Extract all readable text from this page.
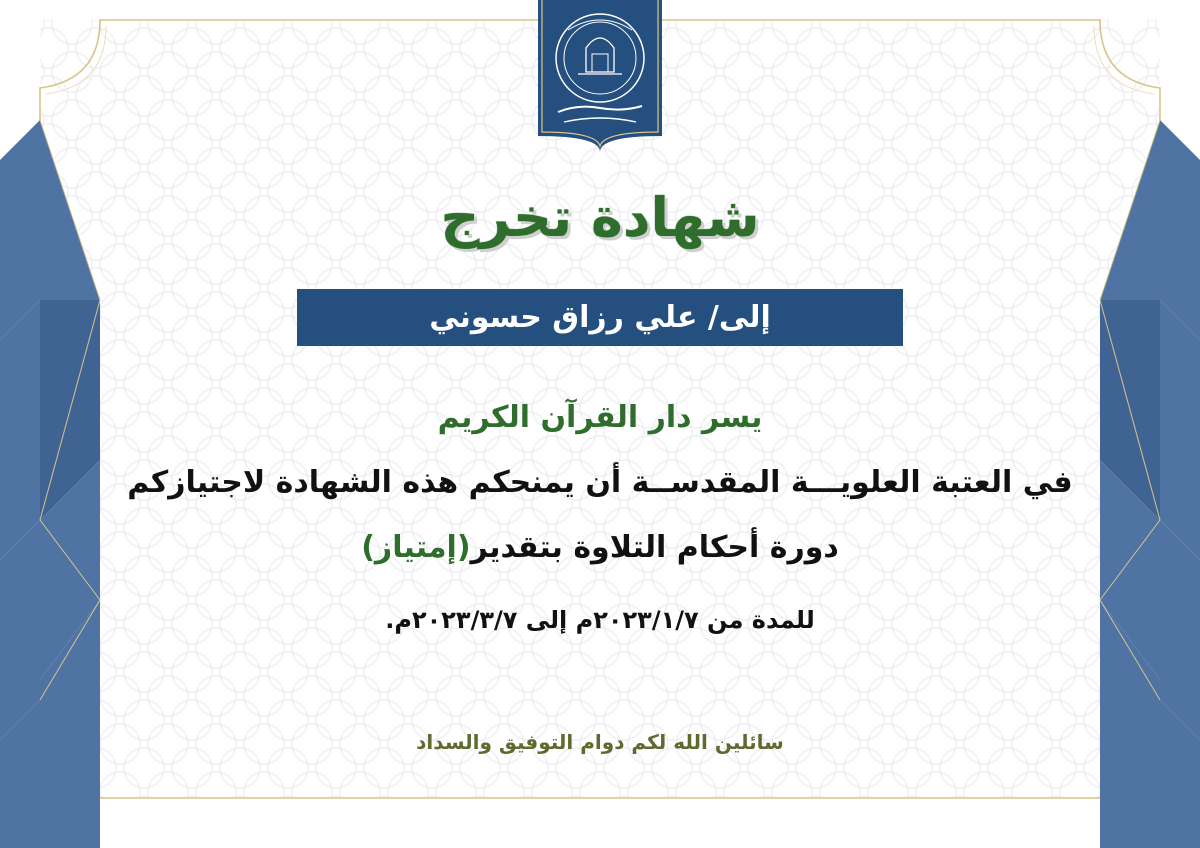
شهادة تخرج
إلى/ علي رزاق حسوني
يسر دار القرآن الكريم
في العتبة العلويـــة المقدســة أن يمنحكم هذه الشهادة لاجتيازكم
دورة أحكام التلاوة بتقدير(إمتياز)
للمدة من ٢٠٢٣/١/٧م إلى ٢٠٢٣/٣/٧م.
سائلين الله لكم دوام التوفيق والسداد
